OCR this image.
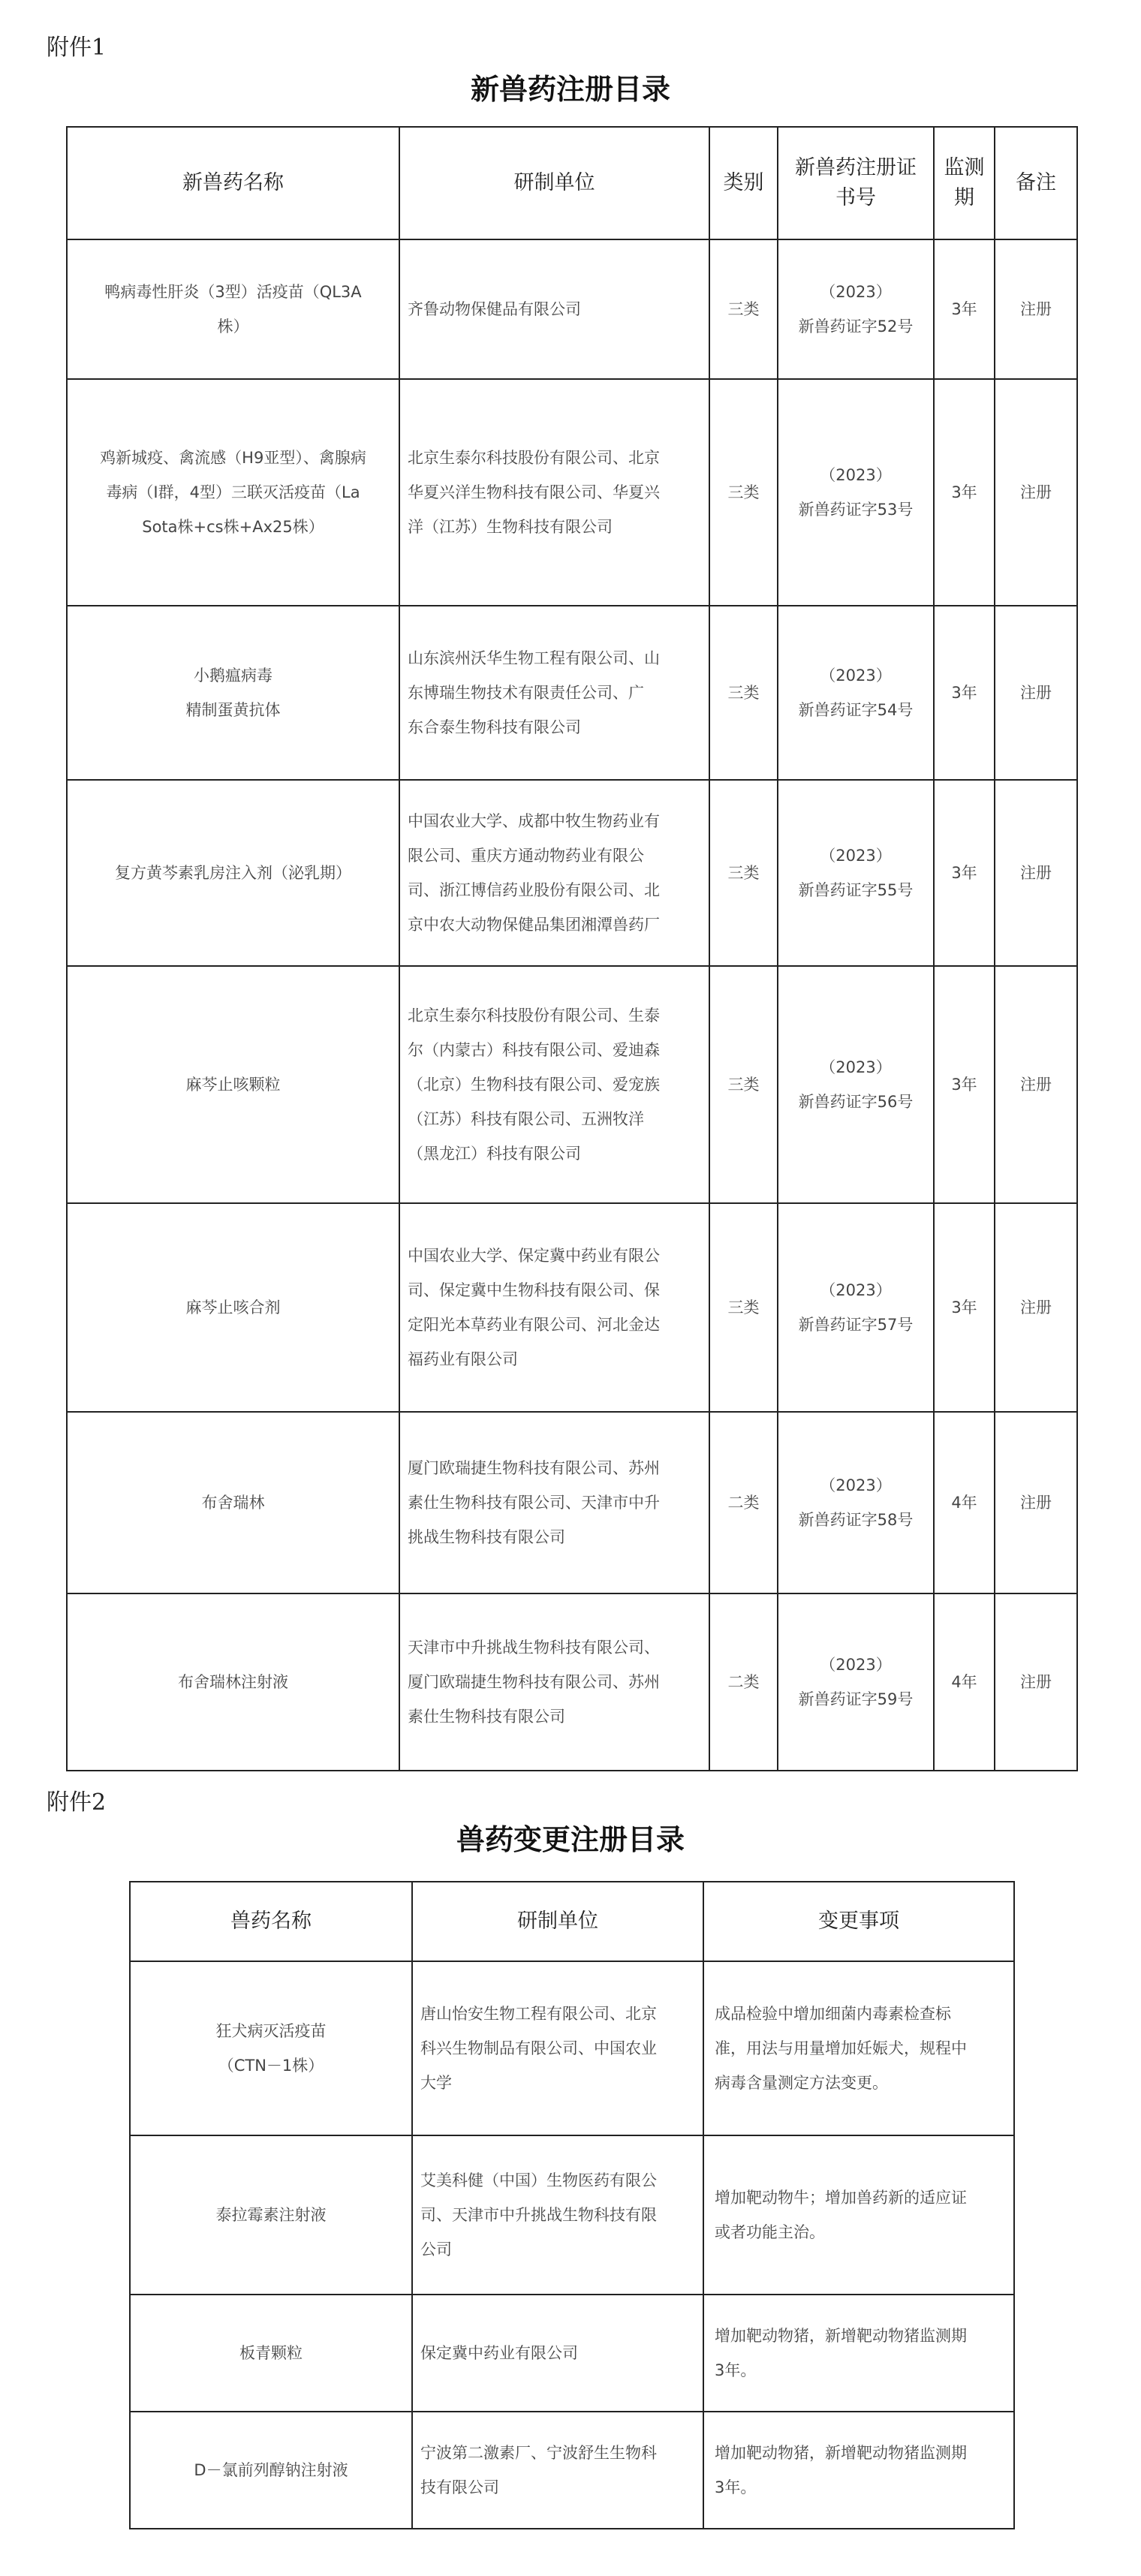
附件1
新兽药注册目录
新兽药名称	研制单位	类别	新兽药注册证书号	监测期	备注

鸭病毒性肝炎（3型）活疫苗（QL3A
株）	齐鲁动物保健品有限公司	三类	（2023）
新兽药证字52号	3年	注册

鸡新城疫、禽流感（H9亚型）、禽腺病
毒病（Ⅰ群，4型）三联灭活疫苗（La
Sota株+cs株+Ax25株）	北京生泰尔科技股份有限公司、北京
华夏兴洋生物科技有限公司、华夏兴
洋（江苏）生物科技有限公司	三类	（2023）
新兽药证字53号	3年	注册

小鹅瘟病毒
精制蛋黄抗体	山东滨州沃华生物工程有限公司、山
东博瑞生物技术有限责任公司、广
东合泰生物科技有限公司	三类	（2023）
新兽药证字54号	3年	注册

复方黄芩素乳房注入剂（泌乳期）	中国农业大学、成都中牧生物药业有
限公司、重庆方通动物药业有限公
司、浙江博信药业股份有限公司、北
京中农大动物保健品集团湘潭兽药厂	三类	（2023）
新兽药证字55号	3年	注册

麻芩止咳颗粒	北京生泰尔科技股份有限公司、生泰
尔（内蒙古）科技有限公司、爱迪森
（北京）生物科技有限公司、爱宠族
（江苏）科技有限公司、五洲牧洋
（黑龙江）科技有限公司	三类	（2023）
新兽药证字56号	3年	注册

麻芩止咳合剂	中国农业大学、保定冀中药业有限公
司、保定冀中生物科技有限公司、保
定阳光本草药业有限公司、河北金达
福药业有限公司	三类	（2023）
新兽药证字57号	3年	注册

布舍瑞林	厦门欧瑞捷生物科技有限公司、苏州
素仕生物科技有限公司、天津市中升
挑战生物科技有限公司	二类	（2023）
新兽药证字58号	4年	注册

布舍瑞林注射液	天津市中升挑战生物科技有限公司、
厦门欧瑞捷生物科技有限公司、苏州
素仕生物科技有限公司	二类	（2023）
新兽药证字59号	4年	注册
附件2
兽药变更注册目录
兽药名称	研制单位	变更事项

狂犬病灭活疫苗
（CTN－1株）	唐山怡安生物工程有限公司、北京
科兴生物制品有限公司、中国农业
大学	成品检验中增加细菌内毒素检查标
准，用法与用量增加妊娠犬，规程中
病毒含量测定方法变更。

泰拉霉素注射液	艾美科健（中国）生物医药有限公
司、天津市中升挑战生物科技有限
公司	增加靶动物牛；增加兽药新的适应证
或者功能主治。

板青颗粒	保定冀中药业有限公司	增加靶动物猪，新增靶动物猪监测期
3年。

D－氯前列醇钠注射液	宁波第二激素厂、宁波舒生生物科
技有限公司	增加靶动物猪，新增靶动物猪监测期
3年。
